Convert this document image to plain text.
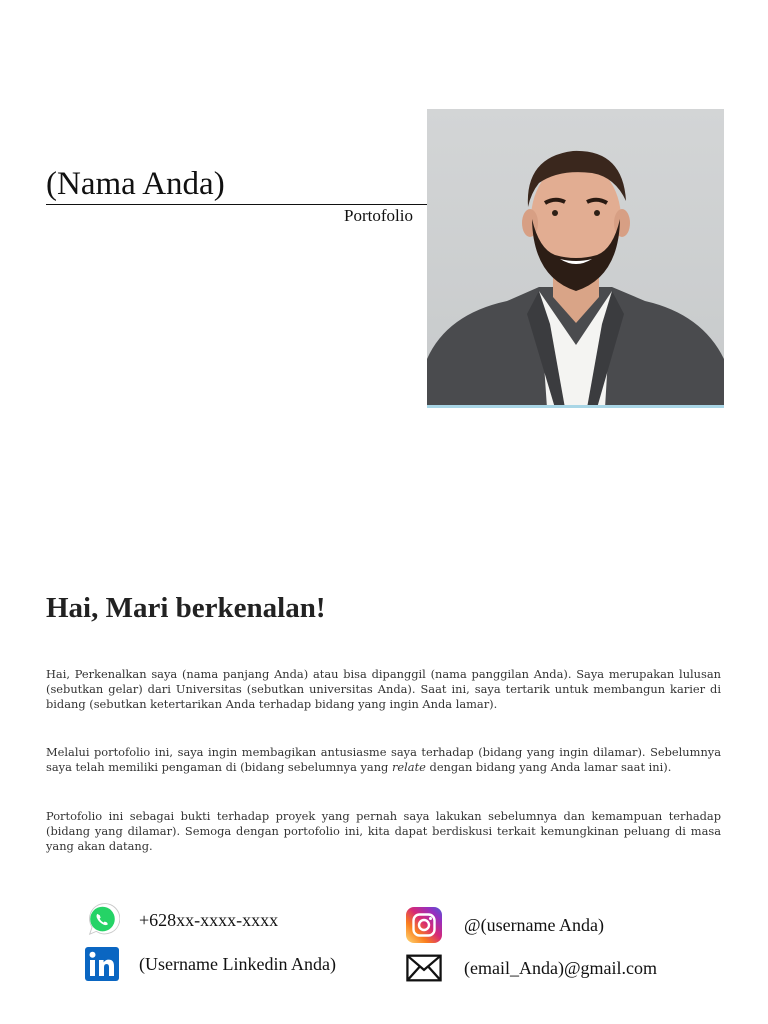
(Nama Anda)
Portofolio
Hai, Mari berkenalan!

Hai, Perkenalkan saya (nama panjang Anda) atau bisa dipanggil (nama panggilan Anda). Saya merupakan lulusan (sebutkan gelar) dari Universitas (sebutkan universitas Anda). Saat ini, saya tertarik untuk membangun karier di bidang (sebutkan ketertarikan Anda terhadap bidang yang ingin Anda lamar).

Melalui portofolio ini, saya ingin membagikan antusiasme saya terhadap (bidang yang ingin dilamar). Sebelumnya saya telah memiliki pengaman di (bidang sebelumnya yang relate dengan bidang yang Anda lamar saat ini).

Portofolio ini sebagai bukti terhadap proyek yang pernah saya lakukan sebelumnya dan kemampuan terhadap (bidang yang dilamar). Semoga dengan portofolio ini, kita dapat berdiskusi terkait kemungkinan peluang di masa yang akan datang.

+628xx-xxxx-xxxx
(Username Linkedin Anda)
@(username Anda)
(email_Anda)@gmail.com
